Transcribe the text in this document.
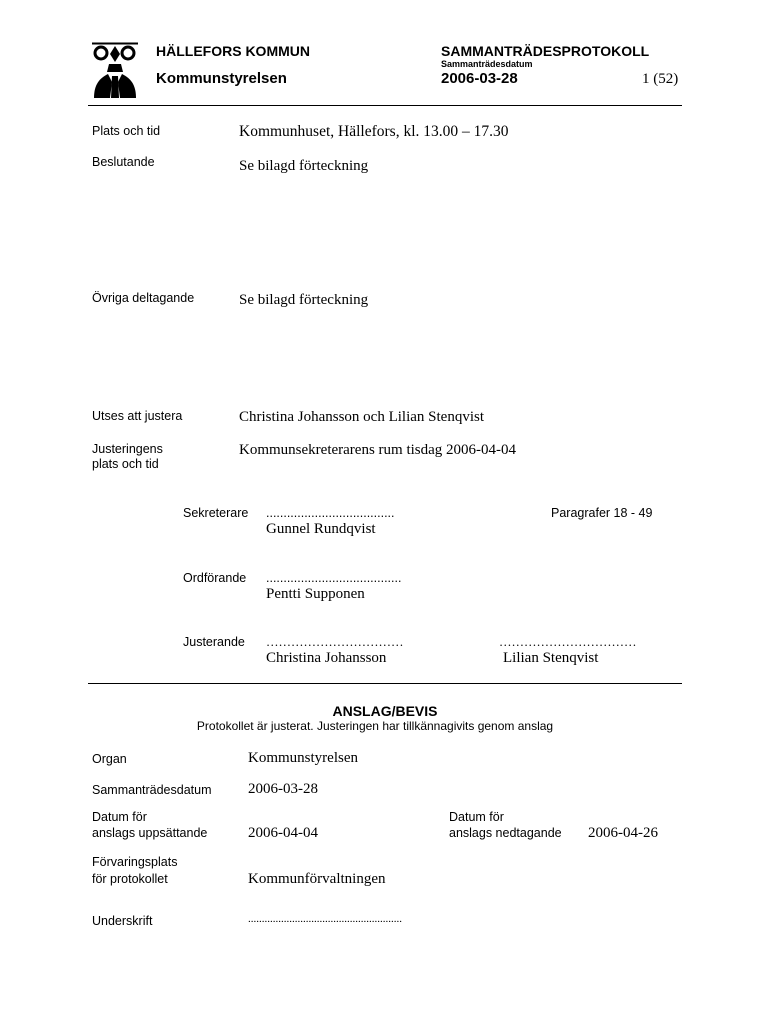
HÄLLEFORS KOMMUN
Kommunstyrelsen
SAMMANTRÄDESPROTOKOLL
Sammanträdesdatum
2006-03-28	1 (52)
Plats och tid	Kommunhuset, Hällefors, kl. 13.00 – 17.30
Beslutande	Se bilagd förteckning
Övriga deltagande	Se bilagd förteckning
Utses att justera	Christina Johansson och Lilian Stenqvist
Justeringens
plats och tid
Kommunsekreterarens rum tisdag 2006-04-04
Sekreterare .....................................
Gunnel Rundqvist
Paragrafer 18 - 49
Ordförande .......................................
Pentti Supponen
Justerande ……………………………
Christina Johansson
……………………………
Lilian Stenqvist
ANSLAG/BEVIS
Protokollet är justerat. Justeringen har tillkännagivits genom anslag
Organ	Kommunstyrelsen
Sammanträdesdatum 2006-03-28
Datum för
anslags uppsättande	2006-04-04
Datum för
anslags nedtagande 2006-04-26
Förvaringsplats
för protokollet	Kommunförvaltningen
Underskrift	........................................................
